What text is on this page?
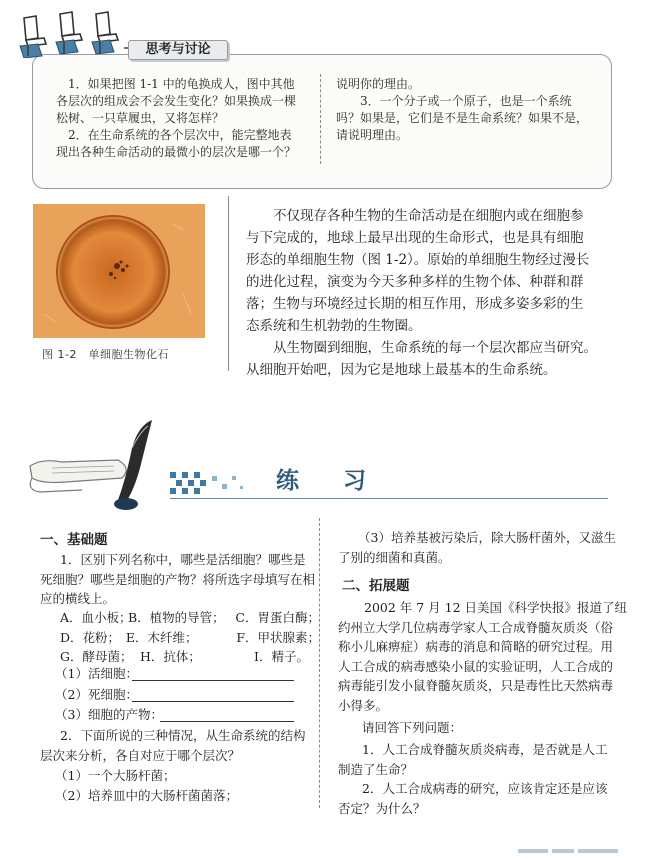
思考与讨论
1．如果把图 1-1 中的龟换成人，图中其他
各层次的组成会不会发生变化？如果换成一棵
松树、一只草履虫，又将怎样？
2．在生命系统的各个层次中，能完整地表
现出各种生命活动的最微小的层次是哪一个？
说明你的理由。
3．一个分子或一个原子，也是一个系统
吗？如果是，它们是不是生命系统？如果不是，
请说明理由。
图 1-2　单细胞生物化石
不仅现存各种生物的生命活动是在细胞内或在细胞参
与下完成的，地球上最早出现的生命形式，也是具有细胞
形态的单细胞生物（图 1-2）。原始的单细胞生物经过漫长
的进化过程，演变为今天多种多样的生物个体、种群和群
落；生物与环境经过长期的相互作用，形成多姿多彩的生
态系统和生机勃勃的生物圈。
从生物圈到细胞，生命系统的每一个层次都应当研究。
从细胞开始吧，因为它是地球上最基本的生命系统。
练 习
一、基础题
1．区别下列名称中，哪些是活细胞？哪些是
死细胞？哪些是细胞的产物？将所选字母填写在相
应的横线上。
A．血小板；
B．植物的导管； C．胃蛋白酶；
D．花粉； E．木纤维；	F．甲状腺素；
G．酵母菌； H．抗体；	I．精子。
（1）活细胞：
（2）死细胞：
（3）细胞的产物：
2．下面所说的三种情况，从生命系统的结构
层次来分析，各自对应于哪个层次？
（1）一个大肠杆菌；
（2）培养皿中的大肠杆菌菌落；
（3）培养基被污染后，除大肠杆菌外，又滋生
了别的细菌和真菌。
二、拓展题
2002 年 7 月 12 日美国《科学快报》报道了纽
约州立大学几位病毒学家人工合成脊髓灰质炎（俗
称小儿麻痹症）病毒的消息和简略的研究过程。用
人工合成的病毒感染小鼠的实验证明，人工合成的
病毒能引发小鼠脊髓灰质炎，只是毒性比天然病毒
小得多。
请回答下列问题：
1．人工合成脊髓灰质炎病毒，是否就是人工
制造了生命？
2．人工合成病毒的研究，应该肯定还是应该
否定？为什么？
